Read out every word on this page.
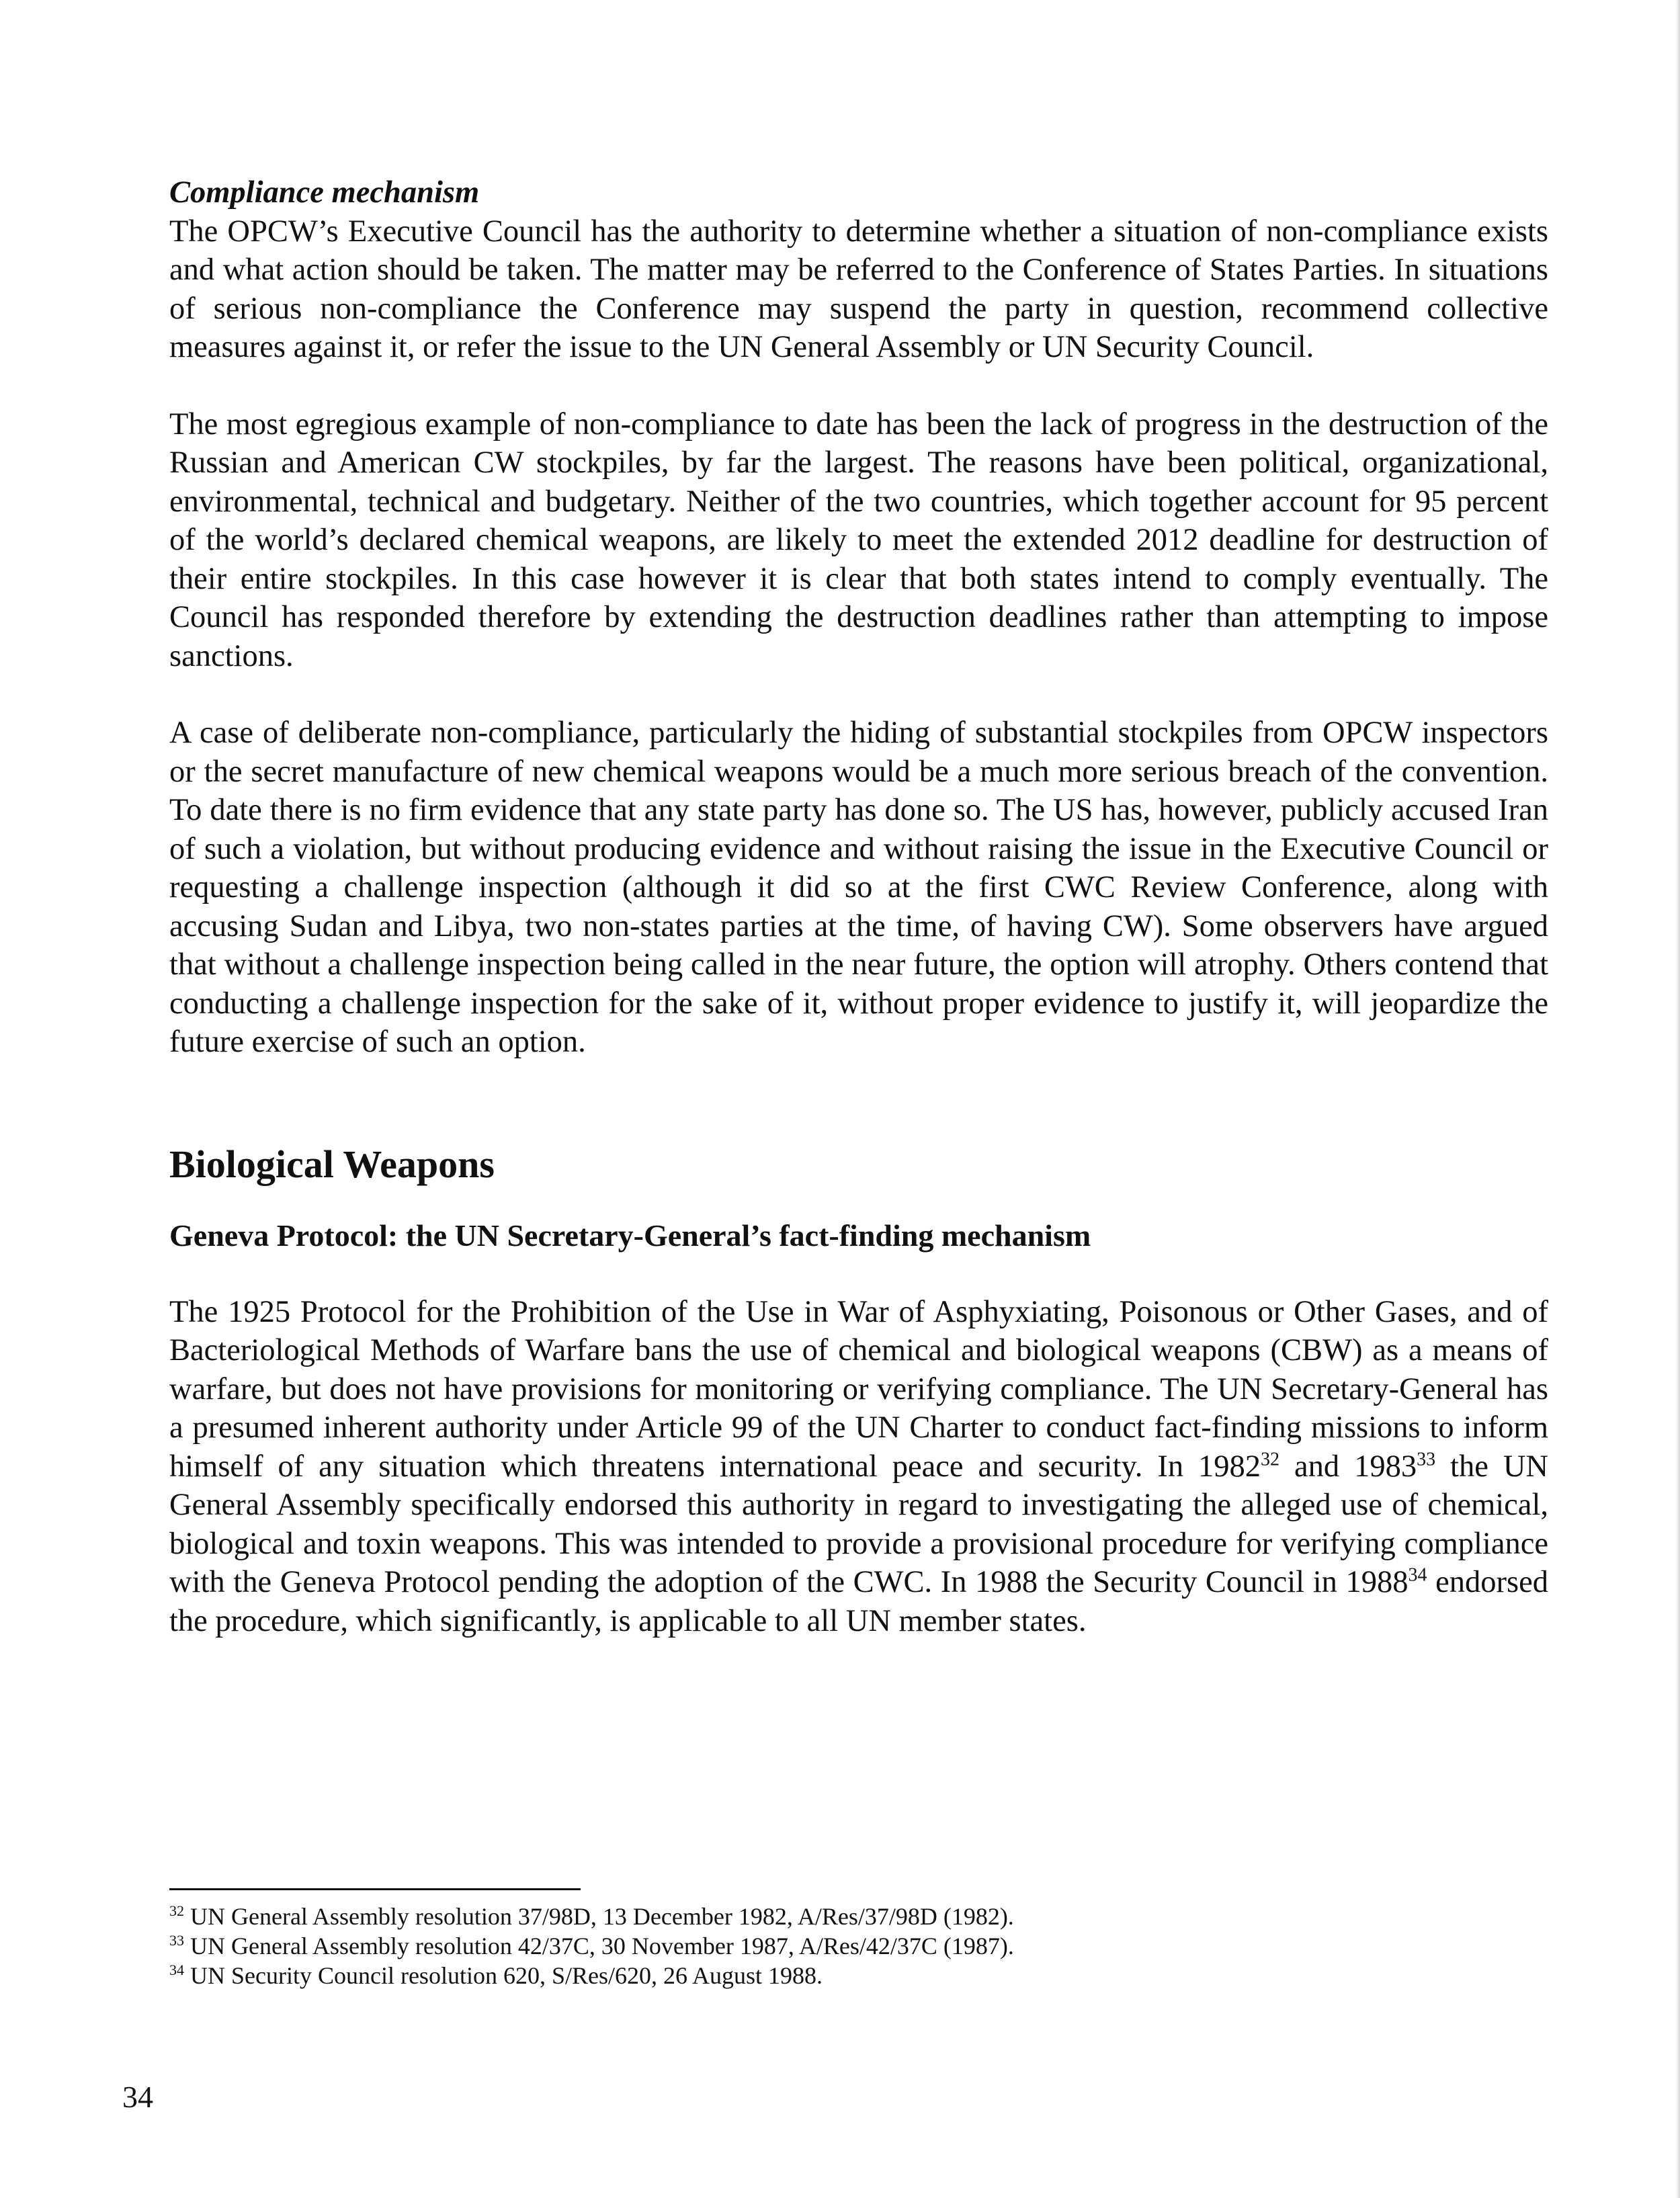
Compliance mechanism

The OPCW’s Executive Council has the authority to determine whether a situation of non-compliance exists and what action should be taken. The matter may be referred to the Conference of States Parties. In situations of serious non-compliance the Conference may suspend the party in question, recommend collective measures against it, or refer the issue to the UN General Assembly or UN Security Council.

The most egregious example of non-compliance to date has been the lack of progress in the destruction of the Russian and American CW stockpiles, by far the largest. The reasons have been political, organizational, environmental, technical and budgetary. Neither of the two countries, which together account for 95 percent of the world’s declared chemical weapons, are likely to meet the extended 2012 deadline for destruction of their entire stockpiles. In this case however it is clear that both states intend to comply eventually. The Council has responded therefore by extending the destruction deadlines rather than attempting to impose sanctions.

A case of deliberate non-compliance, particularly the hiding of substantial stockpiles from OPCW inspectors or the secret manufacture of new chemical weapons would be a much more serious breach of the convention. To date there is no firm evidence that any state party has done so. The US has, however, publicly accused Iran of such a violation, but without producing evidence and without raising the issue in the Executive Council or requesting a challenge inspection (although it did so at the first CWC Review Conference, along with accusing Sudan and Libya, two non-states parties at the time, of having CW). Some observers have argued that without a challenge inspection being called in the near future, the option will atrophy. Others contend that conducting a challenge inspection for the sake of it, without proper evidence to justify it, will jeopardize the future exercise of such an option.

Biological Weapons
Geneva Protocol: the UN Secretary-General’s fact-finding mechanism

The 1925 Protocol for the Prohibition of the Use in War of Asphyxiating, Poisonous or Other Gases, and of Bacteriological Methods of Warfare bans the use of chemical and biological weapons (CBW) as a means of warfare, but does not have provisions for monitoring or verifying compliance. The UN Secretary-General has a presumed inherent authority under Article 99 of the UN Charter to conduct fact-finding missions to inform himself of any situation which threatens international peace and security. In 1982$^{32}$ and 1983$^{33}$ the UN General Assembly specifically endorsed this authority in regard to investigating the alleged use of chemical, biological and toxin weapons. This was intended to provide a provisional procedure for verifying compliance with the Geneva Protocol pending the adoption of the CWC. In 1988 the Security Council in 1988$^{34}$ endorsed the procedure, which significantly, is applicable to all UN member states.

$^{32}$ UN General Assembly resolution 37/98D, 13 December 1982, A/Res/37/98D (1982).

$^{33}$ UN General Assembly resolution 42/37C, 30 November 1987, A/Res/42/37C (1987).

$^{34}$ UN Security Council resolution 620, S/Res/620, 26 August 1988.

34
